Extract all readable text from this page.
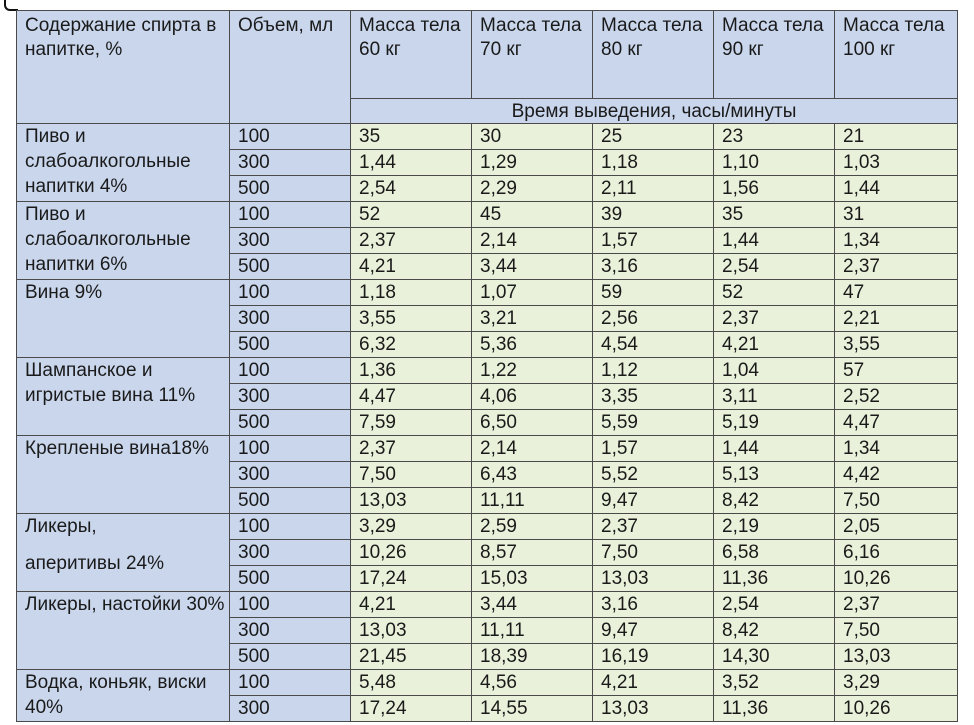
Содержание спирта в напитке, %	Объем, мл	Масса тела 60 кг	Масса тела 70 кг	Масса тела 80 кг	Масса тела 90 кг	Масса тела 100 кг
		Время выведения, часы/минуты				
Пиво и слабоалкогольные напитки 4%	100	35	30	25	23	21
	300	1,44	1,29	1,18	1,10	1,03
	500	2,54	2,29	2,11	1,56	1,44
Пиво и слабоалкогольные напитки 6%	100	52	45	39	35	31
	300	2,37	2,14	1,57	1,44	1,34
	500	4,21	3,44	3,16	2,54	2,37
Вина 9%	100	1,18	1,07	59	52	47
	300	3,55	3,21	2,56	2,37	2,21
	500	6,32	5,36	4,54	4,21	3,55
Шампанское и игристые вина 11%	100	1,36	1,22	1,12	1,04	57
	300	4,47	4,06	3,35	3,11	2,52
	500	7,59	6,50	5,59	5,19	4,47
Крепленые вина18%	100	2,37	2,14	1,57	1,44	1,34
	300	7,50	6,43	5,52	5,13	4,42
	500	13,03	11,11	9,47	8,42	7,50

Ликеры,
аперитивы 24%	100	3,29	2,59	2,37	2,19	2,05
	300	10,26	8,57	7,50	6,58	6,16
	500	17,24	15,03	13,03	11,36	10,26
Ликеры, настойки 30%	100	4,21	3,44	3,16	2,54	2,37
	300	13,03	11,11	9,47	8,42	7,50
	500	21,45	18,39	16,19	14,30	13,03
Водка, коньяк, виски 40%	100	5,48	4,56	4,21	3,52	3,29
	300	17,24	14,55	13,03	11,36	10,26
